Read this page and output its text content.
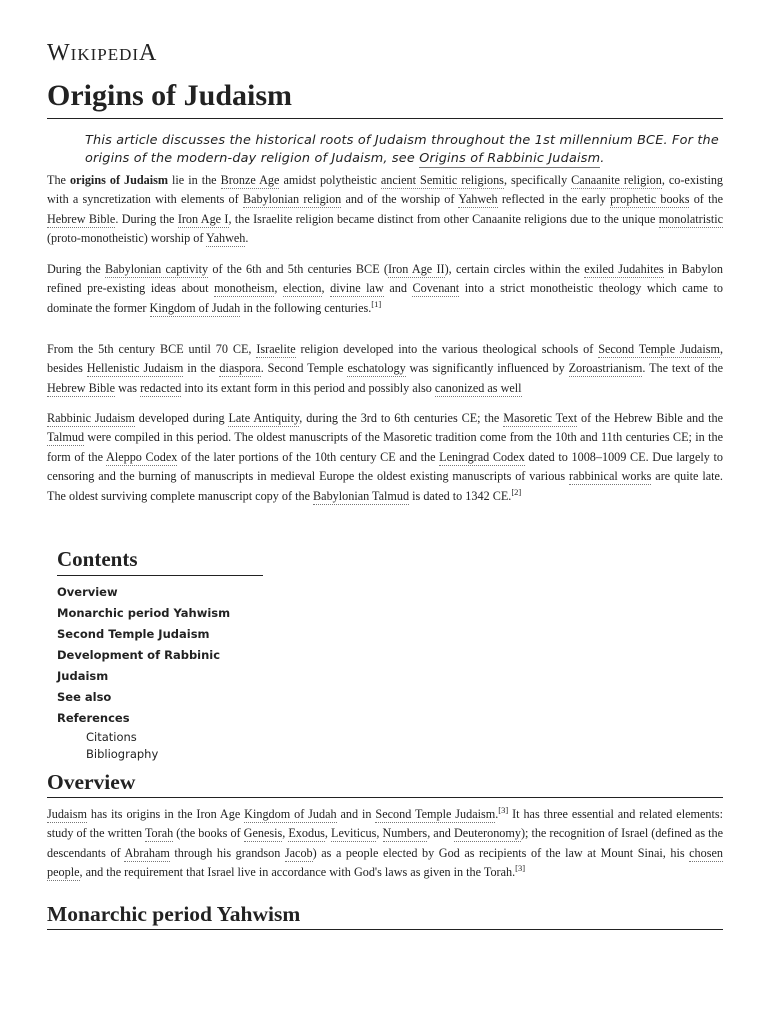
WIKIPEDIA
Origins of Judaism
This article discusses the historical roots of Judaism throughout the 1st millennium BCE. For the origins of the modern-day religion of Judaism, see Origins of Rabbinic Judaism.

The origins of Judaism lie in the Bronze Age amidst polytheistic ancient Semitic religions, specifically Canaanite religion, co-existing with a syncretization with elements of Babylonian religion and of the worship of Yahweh reflected in the early prophetic books of the Hebrew Bible. During the Iron Age I, the Israelite religion became distinct from other Canaanite religions due to the unique monolatristic (proto-monotheistic) worship of Yahweh.

During the Babylonian captivity of the 6th and 5th centuries BCE (Iron Age II), certain circles within the exiled Judahites in Babylon refined pre-existing ideas about monotheism, election, divine law and Covenant into a strict monotheistic theology which came to dominate the former Kingdom of Judah in the following centuries.[1]

From the 5th century BCE until 70 CE, Israelite religion developed into the various theological schools of Second Temple Judaism, besides Hellenistic Judaism in the diaspora. Second Temple eschatology was significantly influenced by Zoroastrianism. The text of the Hebrew Bible was redacted into its extant form in this period and possibly also canonized as well

Rabbinic Judaism developed during Late Antiquity, during the 3rd to 6th centuries CE; the Masoretic Text of the Hebrew Bible and the Talmud were compiled in this period. The oldest manuscripts of the Masoretic tradition come from the 10th and 11th centuries CE; in the form of the Aleppo Codex of the later portions of the 10th century CE and the Leningrad Codex dated to 1008–1009 CE. Due largely to censoring and the burning of manuscripts in medieval Europe the oldest existing manuscripts of various rabbinical works are quite late. The oldest surviving complete manuscript copy of the Babylonian Talmud is dated to 1342 CE.[2]

Contents
Overview
Monarchic period Yahwism
Second Temple Judaism
Development of Rabbinic Judaism
See also
References
Citations
Bibliography
Overview

Judaism has its origins in the Iron Age Kingdom of Judah and in Second Temple Judaism.[3] It has three essential and related elements: study of the written Torah (the books of Genesis, Exodus, Leviticus, Numbers, and Deuteronomy); the recognition of Israel (defined as the descendants of Abraham through his grandson Jacob) as a people elected by God as recipients of the law at Mount Sinai, his chosen people, and the requirement that Israel live in accordance with God's laws as given in the Torah.[3]

Monarchic period Yahwism
